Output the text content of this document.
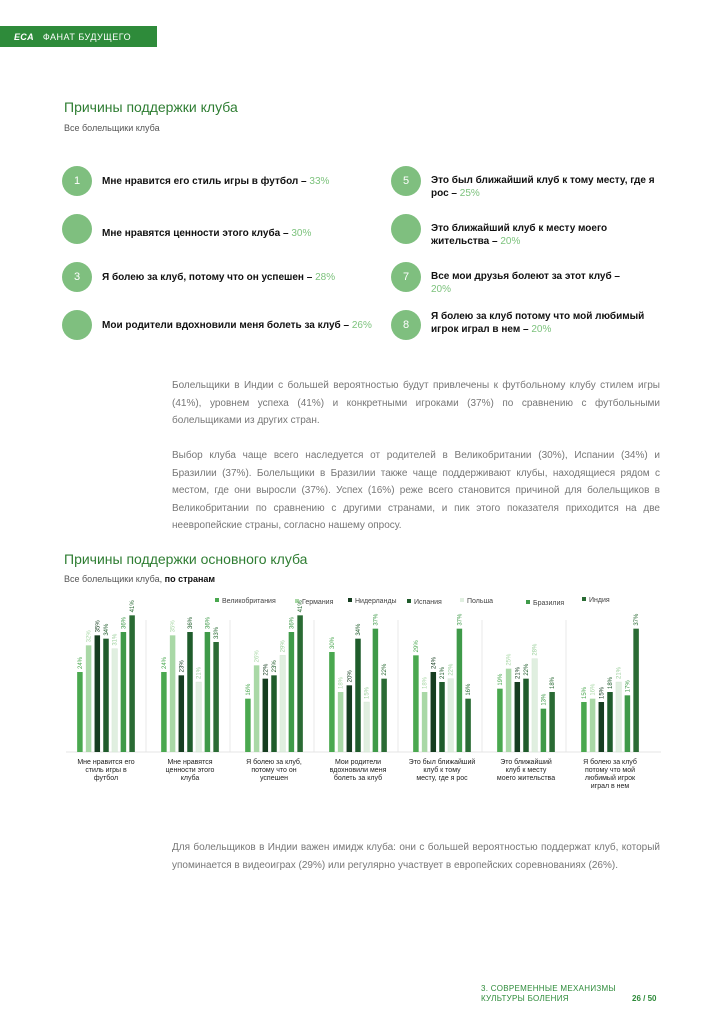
ECA ФАНАТ БУДУЩЕГО
Причины поддержки клуба
Все болельщики клуба
1	Мне нравится его стиль игры в футбол – 33%
Мне нравятся ценности этого клуба – 30%
3	Я болею за клуб, потому что он успешен – 28%
Мои родители вдохновили меня болеть за клуб – 26%
5	Это был ближайший клуб к тому месту, где я рос – 25%
Это ближайший клуб к месту моего жительства – 20%
7	Все мои друзья болеют за этот клуб – 20%
8
Я болею за клуб потому что мой любимый игрок играл в нем – 20%
Болельщики в Индии с большей вероятностью будут привлечены к футбольному клубу стилем игры (41%), уровнем успеха (41%) и конкретными игроками (37%) по сравнению с футбольными болельщиками из других стран.
Выбор клуба чаще всего наследуется от родителей в Великобритании (30%), Испании (34%) и Бразилии (37%). Болельщики в Бразилии также чаще поддерживают клубы, находящиеся рядом с местом, где они выросли (37%). Успех (16%) реже всего становится причиной для болельщиков в Великобритании по сравнению с другими странами, и пик этого показателя приходится на две неевропейские страны, согласно нашему опросу.
Причины поддержки основного клуба
Все болельщики клуба, по странам
Великобритания	Германия	Нидерланды Испания	Польша	Бразилия	Индия
24%
32%
35% 34%
31%
36%
41%
Мне нравится его стиль игры в футбол
24%
35%
23%
36%
21%
36%
33%
Мне нравятся ценности этого клуба
16%
26%
22% 23%
29%
36%
41%
Я болею за клуб, потому что он успешен
30%
18%
20%
34%
15%
37%
22%
Мои родители вдохновили меня болеть за клуб
29%
18%
24%
21% 22%
37%
16%
Это был ближайший клуб к тому месту, где я рос
19%
25%
21% 22%
28%
13%
18%
Это ближайший клуб к месту моего жительства
15% 16% 15%
18%
21%
17%
37%
Я болею за клуб потому что мой любимый игрок играл в нем
Для болельщиков в Индии важен имидж клуба: они с большей вероятностью поддержат клуб, который упоминается в видеоиграх (29%) или регулярно участвует в европейских соревнованиях (26%).
3. СОВРЕМЕННЫЕ МЕХАНИЗМЫ
КУЛЬТУРЫ БОЛЕНИЯ	26 / 50
